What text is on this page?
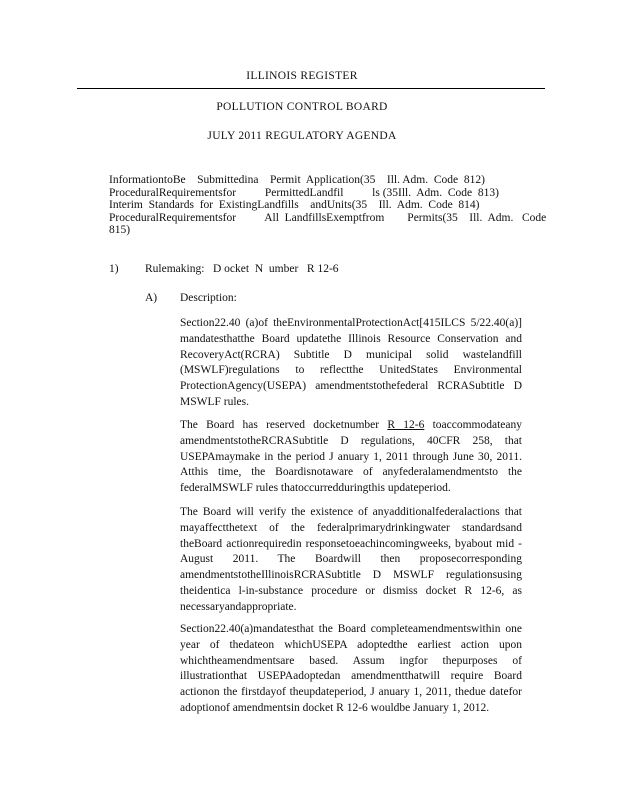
ILLINOIS REGISTER
POLLUTION CONTROL BOARD
JULY 2011 REGULATORY AGENDA
InformationtoBe    Submittedina    Permit  Application(35    Ill. Adm.  Code  812)
ProceduralRequirementsfor          PermittedLandfil          ls (35Ill.  Adm.  Code  813)
Interim  Standards  for  ExistingLandfills    andUnits(35    Ill.  Adm.  Code  814)
ProceduralRequirementsfor          All  LandfillsExemptfrom        Permits(35    Ill.  Adm.   Code
815)
1) Rulemaking: D ocket  N  umber   R 12-6
A) Description:
Section22.40 (a)of theEnvironmentalProtectionAct[415ILCS 5/22.40(a)] mandatesthatthe Board updatethe Illinois Resource Conservation and RecoveryAct(RCRA) Subtitle D municipal solid wastelandfill (MSWLF)regulations to reflectthe UnitedStates Environmental ProtectionAgency(USEPA) amendmentstothefederal RCRASubtitle D MSWLF rules.
The Board has reserved docketnumber R 12-6 toaccommodateany amendmentstotheRCRASubtitle D regulations, 40CFR 258, that USEPAmaymake in the period J anuary 1, 2011 through June 30, 2011. Atthis time, the Boardisnotaware of anyfederalamendmentsto the federalMSWLF rules thatoccurredduringthis updateperiod.
The Board will verify the existence of anyadditionalfederalactions that mayaffectthetext of the federalprimarydrinkingwater standardsand theBoard actionrequiredin responsetoeachincomingweeks, byabout mid -August 2011. The Boardwill then proposecorresponding amendmentstotheIllinoisRCRASubtitle D MSWLF regulationsusing theidentica l-in-substance procedure or dismiss docket R 12-6, as necessaryandappropriate.
Section22.40(a)mandatesthat the Board completeamendmentswithin one year of thedateon whichUSEPA adoptedthe earliest action upon whichtheamendmentsare based. Assum ingfor thepurposes of illustrationthat USEPAadoptedan amendmentthatwill require Board actionon the firstdayof theupdateperiod, J anuary 1, 2011, thedue datefor adoptionof amendmentsin docket R 12-6 wouldbe January 1, 2012.
